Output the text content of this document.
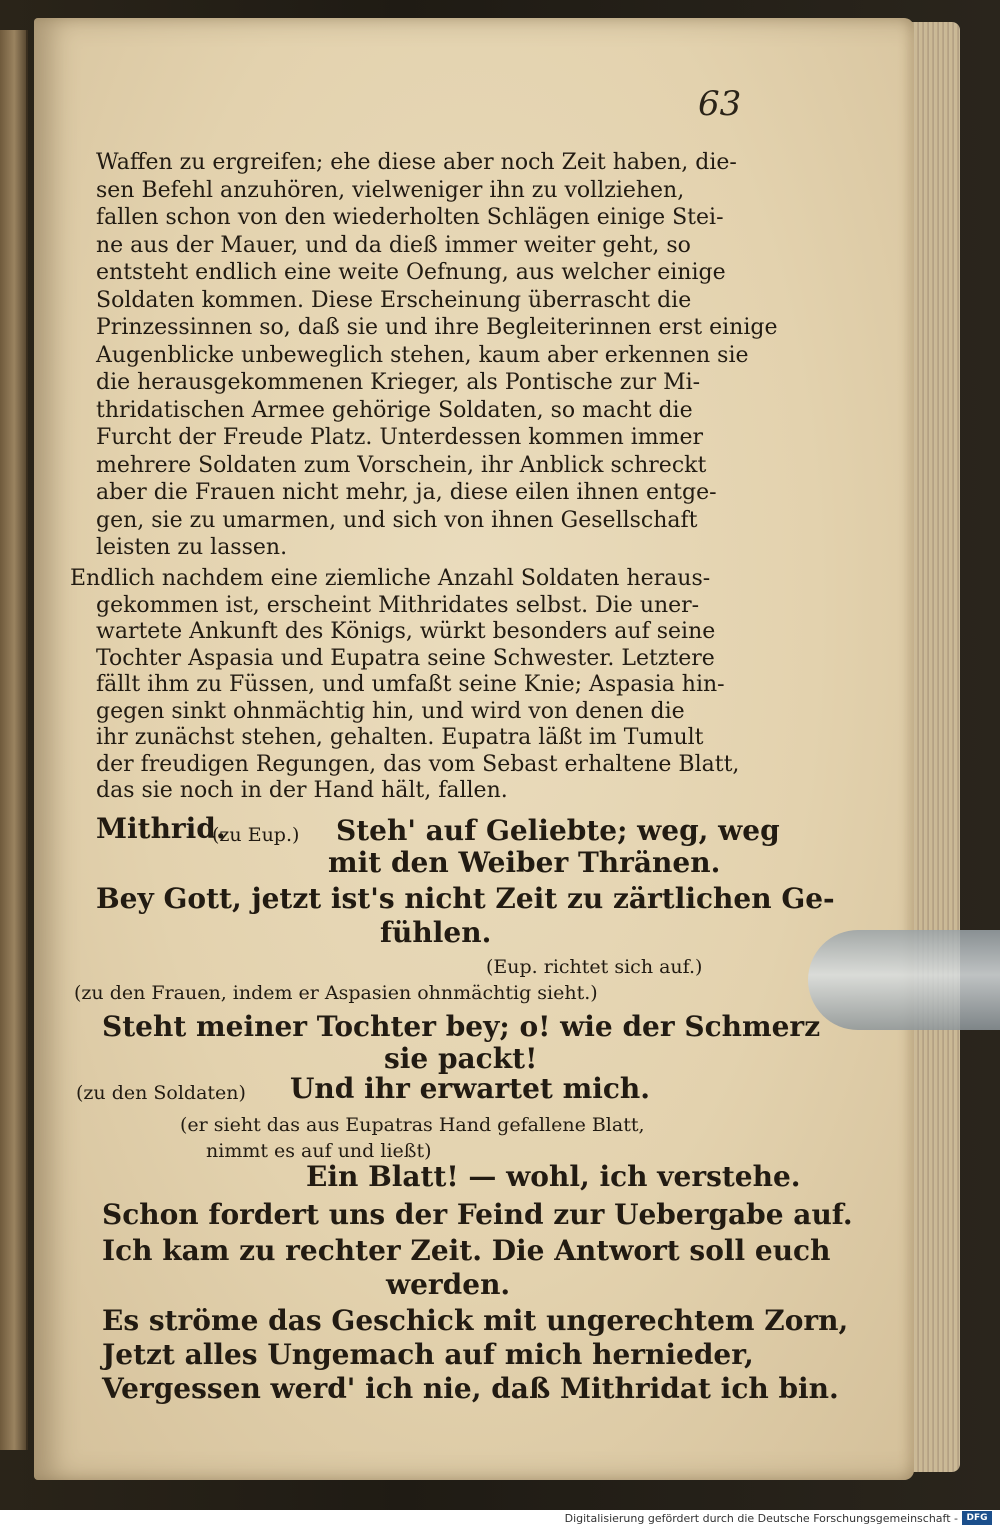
63
Waffen zu ergreifen; ehe diese aber noch Zeit haben, die-
sen Befehl anzuhören, vielweniger ihn zu vollziehen,
fallen schon von den wiederholten Schlägen einige Stei-
ne aus der Mauer, und da dieß immer weiter geht, so
entsteht endlich eine weite Oefnung, aus welcher einige
Soldaten kommen. Diese Erscheinung überrascht die
Prinzessinnen so, daß sie und ihre Begleiterinnen erst einige
Augenblicke unbeweglich stehen, kaum aber erkennen sie
die herausgekommenen Krieger, als Pontische zur Mi-
thridatischen Armee gehörige Soldaten, so macht die
Furcht der Freude Platz. Unterdessen kommen immer
mehrere Soldaten zum Vorschein, ihr Anblick schreckt
aber die Frauen nicht mehr, ja, diese eilen ihnen entge-
gen, sie zu umarmen, und sich von ihnen Gesellschaft
leisten zu lassen.
Endlich nachdem eine ziemliche Anzahl Soldaten heraus-
gekommen ist, erscheint Mithridates selbst. Die uner-
wartete Ankunft des Königs, würkt besonders auf seine
Tochter Aspasia und Eupatra seine Schwester. Letztere
fällt ihm zu Füssen, und umfaßt seine Knie; Aspasia hin-
gegen sinkt ohnmächtig hin, und wird von denen die
ihr zunächst stehen, gehalten. Eupatra läßt im Tumult
der freudigen Regungen, das vom Sebast erhaltene Blatt,
das sie noch in der Hand hält, fallen.
Mithrid.
(zu Eup.) Steh' auf Geliebte; weg, weg
mit den Weiber Thränen.
Bey Gott, jetzt ist's nicht Zeit zu zärtlichen Ge-
fühlen.
(Eup. richtet sich auf.)
(zu den Frauen, indem er Aspasien ohnmächtig sieht.)
Steht meiner Tochter bey; o! wie der Schmerz
sie packt!
(zu den Soldaten) Und ihr erwartet mich.
(er sieht das aus Eupatras Hand gefallene Blatt,
nimmt es auf und ließt)
Ein Blatt! — wohl, ich verstehe.
Schon fordert uns der Feind zur Uebergabe auf.
Ich kam zu rechter Zeit. Die Antwort soll euch
werden.
Es ströme das Geschick mit ungerechtem Zorn,
Jetzt alles Ungemach auf mich hernieder,
Vergessen werd' ich nie, daß Mithridat ich bin.
Digitalisierung gefördert durch die Deutsche Forschungsgemeinschaft - DFG
